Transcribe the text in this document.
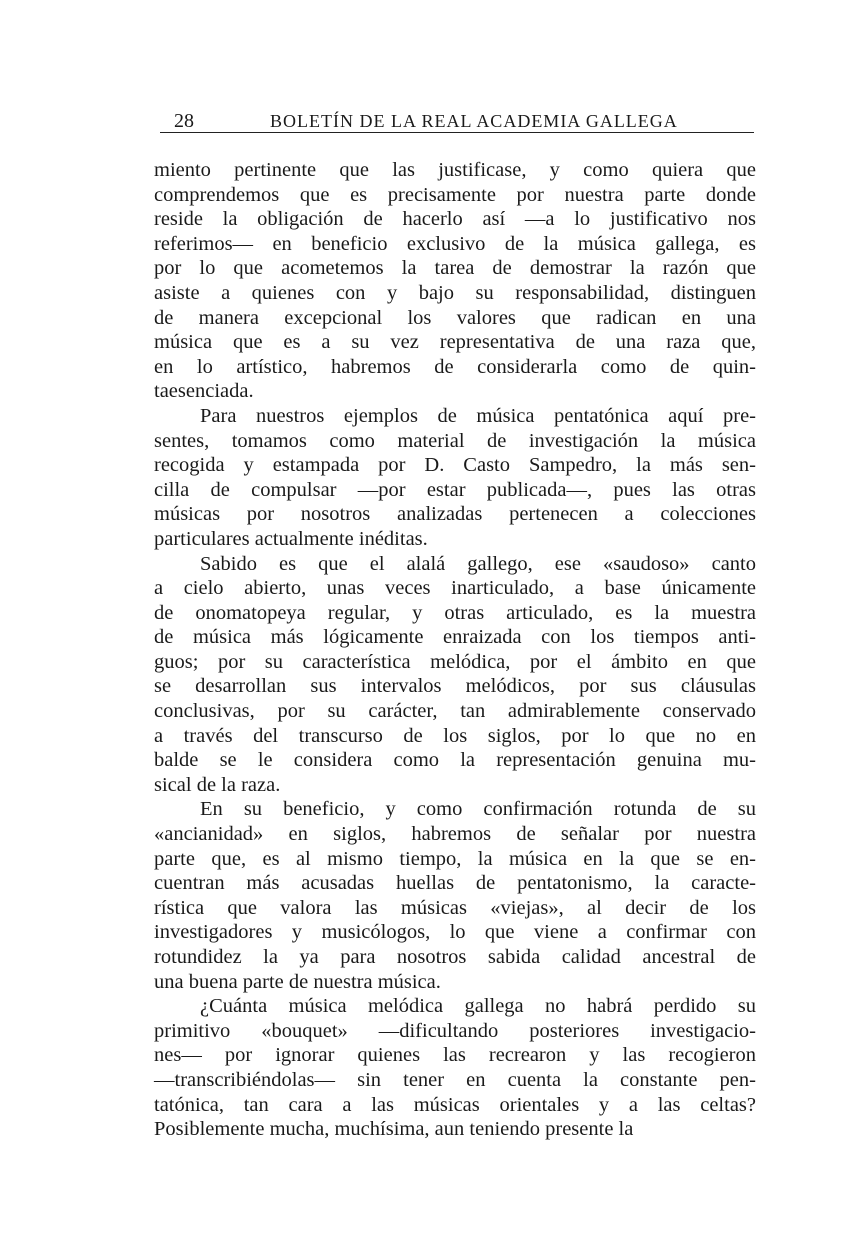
28	BOLETÍN DE LA REAL ACADEMIA GALLEGA
miento pertinente que las justificase, y como quiera que
comprendemos que es precisamente por nuestra parte donde
reside la obligación de hacerlo así —a lo justificativo nos
referimos— en beneficio exclusivo de la música gallega, es
por lo que acometemos la tarea de demostrar la razón que
asiste a quienes con y bajo su responsabilidad, distinguen
de manera excepcional los valores que radican en una
música que es a su vez representativa de una raza que,
en lo artístico, habremos de considerarla como de quin-
taesenciada.
Para nuestros ejemplos de música pentatónica aquí pre-
sentes, tomamos como material de investigación la música
recogida y estampada por D. Casto Sampedro, la más sen-
cilla de compulsar —por estar publicada—, pues las otras
músicas por nosotros analizadas pertenecen a colecciones
particulares actualmente inéditas.
Sabido es que el alalá gallego, ese «saudoso» canto
a cielo abierto, unas veces inarticulado, a base únicamente
de onomatopeya regular, y otras articulado, es la muestra
de música más lógicamente enraizada con los tiempos anti-
guos; por su característica melódica, por el ámbito en que
se desarrollan sus intervalos melódicos, por sus cláusulas
conclusivas, por su carácter, tan admirablemente conservado
a través del transcurso de los siglos, por lo que no en
balde se le considera como la representación genuina mu-
sical de la raza.
En su beneficio, y como confirmación rotunda de su
«ancianidad» en siglos, habremos de señalar por nuestra
parte que, es al mismo tiempo, la música en la que se en-
cuentran más acusadas huellas de pentatonismo, la caracte-
rística que valora las músicas «viejas», al decir de los
investigadores y musicólogos, lo que viene a confirmar con
rotundidez la ya para nosotros sabida calidad ancestral de
una buena parte de nuestra música.
¿Cuánta música melódica gallega no habrá perdido su
primitivo «bouquet» —dificultando posteriores investigacio-
nes— por ignorar quienes las recrearon y las recogieron
—transcribiéndolas— sin tener en cuenta la constante pen-
tatónica, tan cara a las músicas orientales y a las celtas?
Posiblemente mucha, muchísima, aun teniendo presente la
